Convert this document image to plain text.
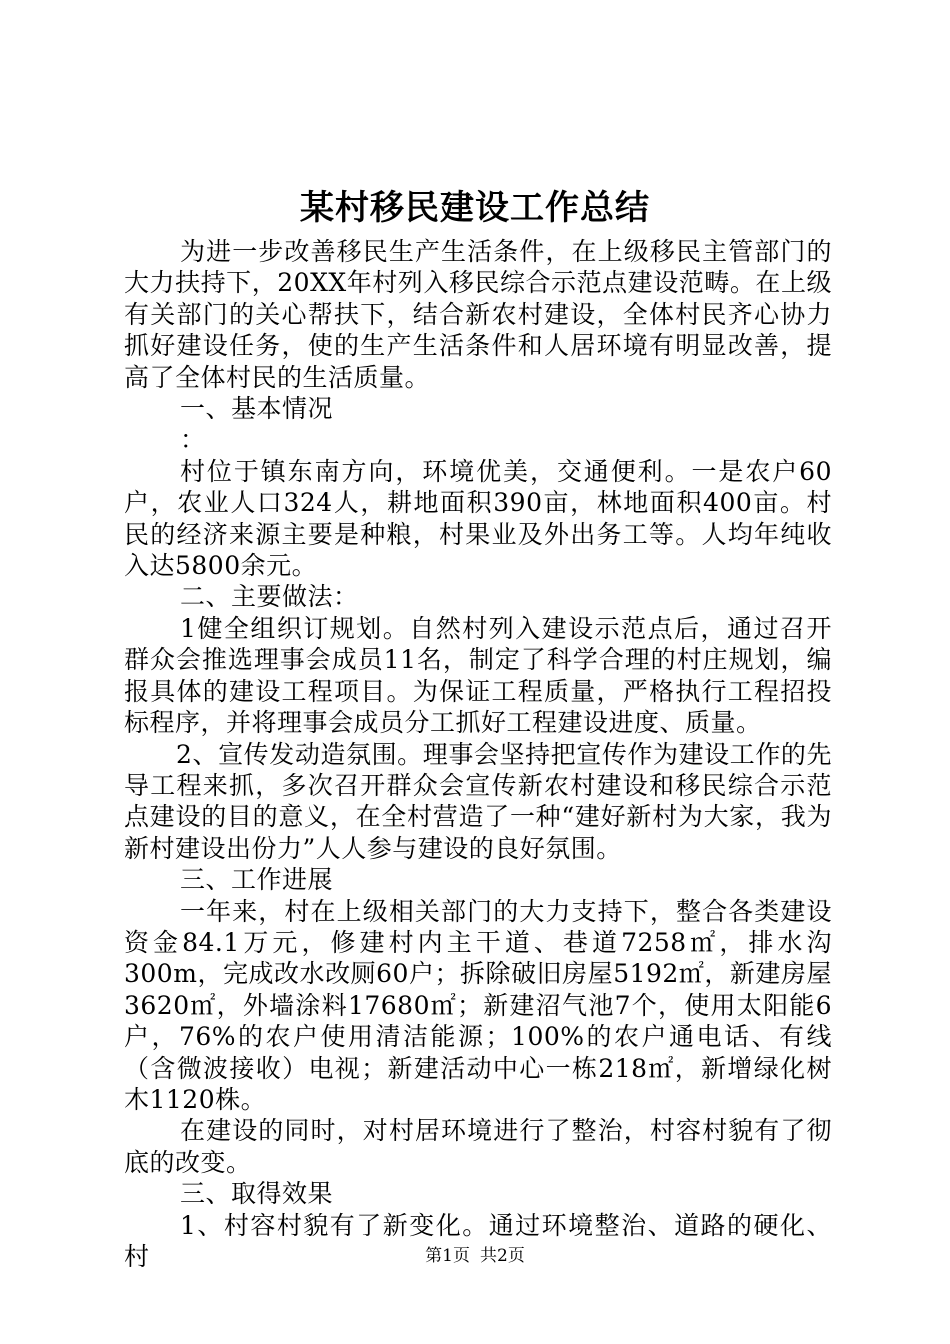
某村移民建设工作总结

为进一步改善移民生产生活条件，在上级移民主管部门的大力扶持下，20XX年村列入移民综合示范点建设范畴。在上级有关部门的关心帮扶下，结合新农村建设，全体村民齐心协力抓好建设任务，使的生产生活条件和人居环境有明显改善，提高了全体村民的生活质量。

一、基本情况

：

村位于镇东南方向，环境优美，交通便利。一是农户60户，农业人口324人，耕地面积390亩，林地面积400亩。村民的经济来源主要是种粮，村果业及外出务工等。人均年纯收入达5800余元。

二、主要做法：

1健全组织订规划。自然村列入建设示范点后，通过召开群众会推选理事会成员11名，制定了科学合理的村庄规划，编报具体的建设工程项目。为保证工程质量，严格执行工程招投标程序，并将理事会成员分工抓好工程建设进度、质量。

2、宣传发动造氛围。理事会坚持把宣传作为建设工作的先导工程来抓，多次召开群众会宣传新农村建设和移民综合示范点建设的目的意义，在全村营造了一种“建好新村为大家，我为新村建设出份力”人人参与建设的良好氛围。

三、工作进展

一年来，村在上级相关部门的大力支持下，整合各类建设资金84.1万元，修建村内主干道、巷道7258㎡，排水沟300m，完成改水改厕60户；拆除破旧房屋5192㎡，新建房屋3620㎡，外墙涂料17680㎡；新建沼气池7个，使用太阳能6户，76%的农户使用清洁能源；100%的农户通电话、有线（含微波接收）电视；新建活动中心一栋218㎡，新增绿化树木1120株。

在建设的同时，对村居环境进行了整治，村容村貌有了彻底的改变。

三、取得效果

1、村容村貌有了新变化。通过环境整治、道路的硬化、村	第1页 共2页
